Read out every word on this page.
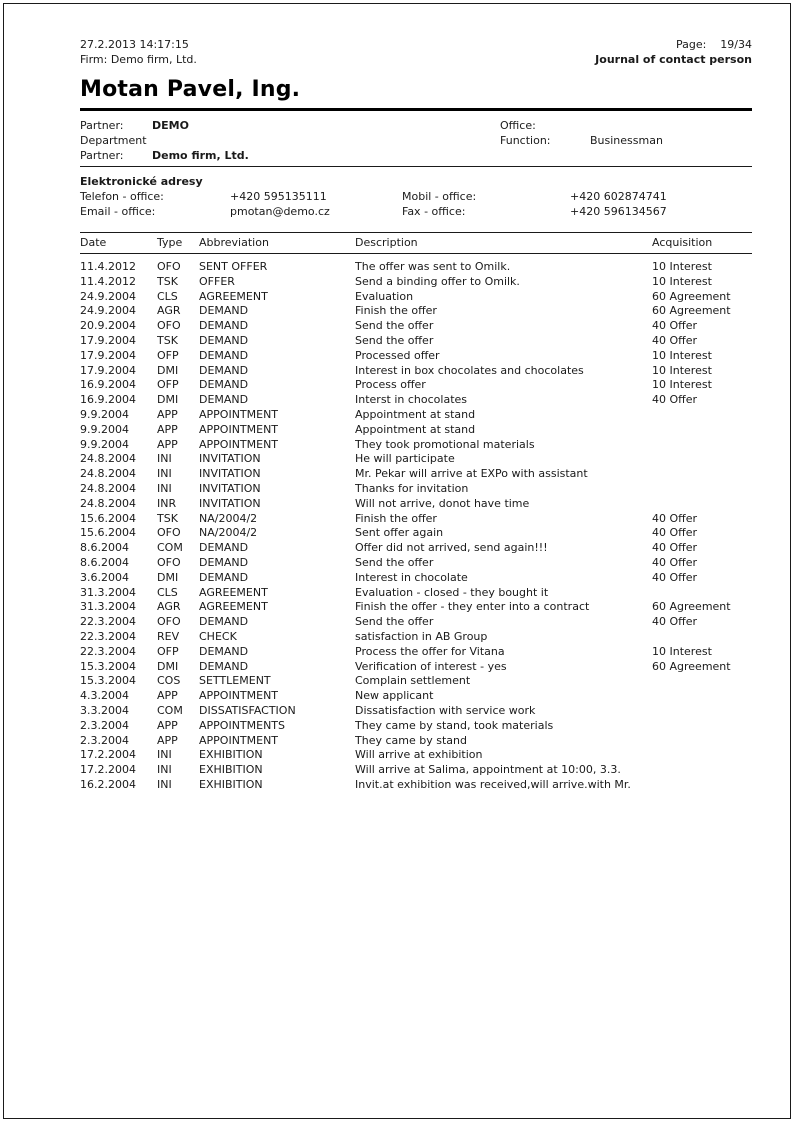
27.2.2013 14:17:15	Page: 19/34
Firm: Demo firm, Ltd.	Journal of contact person
Motan Pavel, Ing.
Partner:	DEMO	Office:
Department	Function:	Businessman
Partner:	Demo firm, Ltd.
Elektronické adresy
Telefon - office:	+420 595135111	Mobil - office:	+420 602874741
Email - office:	pmotan@demo.cz	Fax - office:	+420 596134567
Date	Type	Abbreviation	Description	Acquisition
11.4.2012	OFO	SENT OFFER	The offer was sent to Omilk.	10 Interest
11.4.2012	TSK	OFFER	Send a binding offer to Omilk.	10 Interest
24.9.2004	CLS	AGREEMENT	Evaluation	60 Agreement
24.9.2004	AGR	DEMAND	Finish the offer	60 Agreement
20.9.2004	OFO	DEMAND	Send the offer	40 Offer
17.9.2004	TSK	DEMAND	Send the offer	40 Offer
17.9.2004	OFP	DEMAND	Processed offer	10 Interest
17.9.2004	DMI	DEMAND	Interest in box chocolates and chocolates	10 Interest
16.9.2004	OFP	DEMAND	Process offer	10 Interest
16.9.2004	DMI	DEMAND	Interst in chocolates	40 Offer
9.9.2004	APP	APPOINTMENT	Appointment at stand
9.9.2004	APP	APPOINTMENT	Appointment at stand
9.9.2004	APP	APPOINTMENT	They took promotional materials
24.8.2004	INI	INVITATION	He will participate
24.8.2004	INI	INVITATION	Mr. Pekar will arrive at EXPo with assistant
24.8.2004	INI	INVITATION	Thanks for invitation
24.8.2004	INR	INVITATION	Will not arrive, donot have time
15.6.2004	TSK	NA/2004/2	Finish the offer	40 Offer
15.6.2004	OFO	NA/2004/2	Sent offer again	40 Offer
8.6.2004	COM	DEMAND	Offer did not arrived, send again!!!	40 Offer
8.6.2004	OFO	DEMAND	Send the offer	40 Offer
3.6.2004	DMI	DEMAND	Interest in chocolate	40 Offer
31.3.2004	CLS	AGREEMENT	Evaluation - closed - they bought it
31.3.2004	AGR	AGREEMENT	Finish the offer - they enter into a contract	60 Agreement
22.3.2004	OFO	DEMAND	Send the offer	40 Offer
22.3.2004	REV	CHECK	satisfaction in AB Group
22.3.2004	OFP	DEMAND	Process the offer for Vitana	10 Interest
15.3.2004	DMI	DEMAND	Verification of interest - yes	60 Agreement
15.3.2004	COS	SETTLEMENT	Complain settlement
4.3.2004	APP	APPOINTMENT	New applicant
3.3.2004	COM	DISSATISFACTION	Dissatisfaction with service work
2.3.2004	APP	APPOINTMENTS	They came by stand, took materials
2.3.2004	APP	APPOINTMENT	They came by stand
17.2.2004	INI	EXHIBITION	Will arrive at exhibition
17.2.2004	INI	EXHIBITION	Will arrive at Salima, appointment at 10:00, 3.3.
16.2.2004	INI	EXHIBITION	Invit.at exhibition was received,will arrive.with Mr.
